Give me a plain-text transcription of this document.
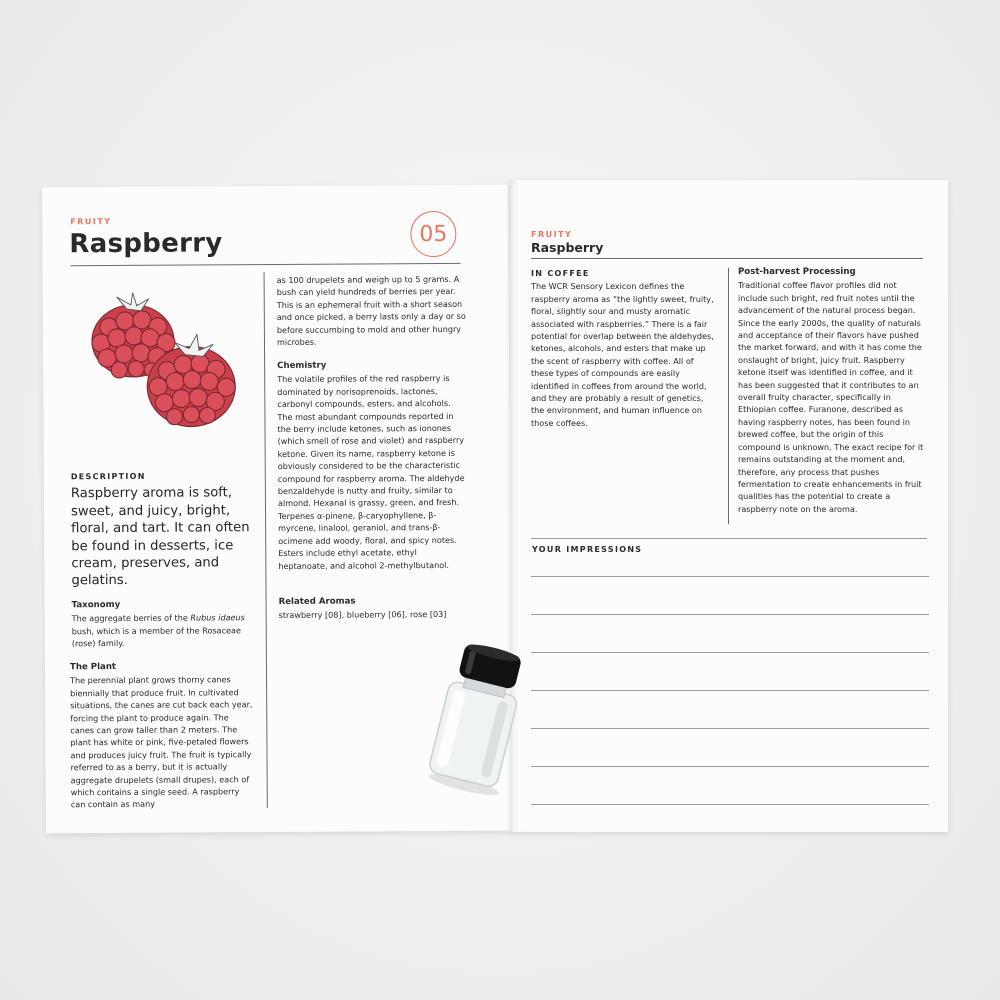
FRUITY
Raspberry	05
DESCRIPTION

Raspberry aroma is soft, sweet, and juicy, bright, floral, and tart. It can often be found in desserts, ice cream, preserves, and gelatins.

Taxonomy

The aggregate berries of the Rubus idaeus bush, which is a member of the Rosaceae (rose) family.

The Plant

The perennial plant grows thorny canes biennially that produce fruit. In cultivated situations, the canes are cut back each year, forcing the plant to produce again. The canes can grow taller than 2 meters. The plant has white or pink, five-petaled flowers and produces juicy fruit. The fruit is typically referred to as a berry, but it is actually aggregate drupelets (small drupes), each of which contains a single seed. A raspberry can contain as many

as 100 drupelets and weigh up to 5 grams. A bush can yield hundreds of berries per year. This is an ephemeral fruit with a short season and once picked, a berry lasts only a day or so before succumbing to mold and other hungry microbes.

Chemistry

The volatile profiles of the red raspberry is dominated by norisoprenoids, lactones, carbonyl compounds, esters, and alcohols. The most abundant compounds reported in the berry include ketones, such as ionones (which smell of rose and violet) and raspberry ketone. Given its name, raspberry ketone is obviously considered to be the characteristic compound for raspberry aroma. The aldehyde benzaldehyde is nutty and fruity, similar to almond. Hexanal is grassy, green, and fresh. Terpenes α-pinene, β-caryophyllene, β-myrcene, linalool, geraniol, and trans-β-ocimene add woody, floral, and spicy notes. Esters include ethyl acetate, ethyl heptanoate, and alcohol 2-methylbutanol.

Related Aromas

strawberry [08], blueberry [06], rose [03]

FRUITY
Raspberry
IN COFFEE

The WCR Sensory Lexicon defines the raspberry aroma as “the lightly sweet, fruity, floral, slightly sour and musty aromatic associated with raspberries.” There is a fair potential for overlap between the aldehydes, ketones, alcohols, and esters that make up the scent of raspberry with coffee. All of these types of compounds are easily identified in coffees from around the world, and they are probably a result of genetics, the environment, and human influence on those coffees.

Post-harvest Processing

Traditional coffee flavor profiles did not include such bright, red fruit notes until the advancement of the natural process began. Since the early 2000s, the quality of naturals and acceptance of their flavors have pushed the market forward, and with it has come the onslaught of bright, juicy fruit. Raspberry ketone itself was identified in coffee, and it has been suggested that it contributes to an overall fruity character, specifically in Ethiopian coffee. Furanone, described as having raspberry notes, has been found in brewed coffee, but the origin of this compound is unknown. The exact recipe for it remains outstanding at the moment and, therefore, any process that pushes fermentation to create enhancements in fruit qualities has the potential to create a raspberry note on the aroma.

YOUR IMPRESSIONS
